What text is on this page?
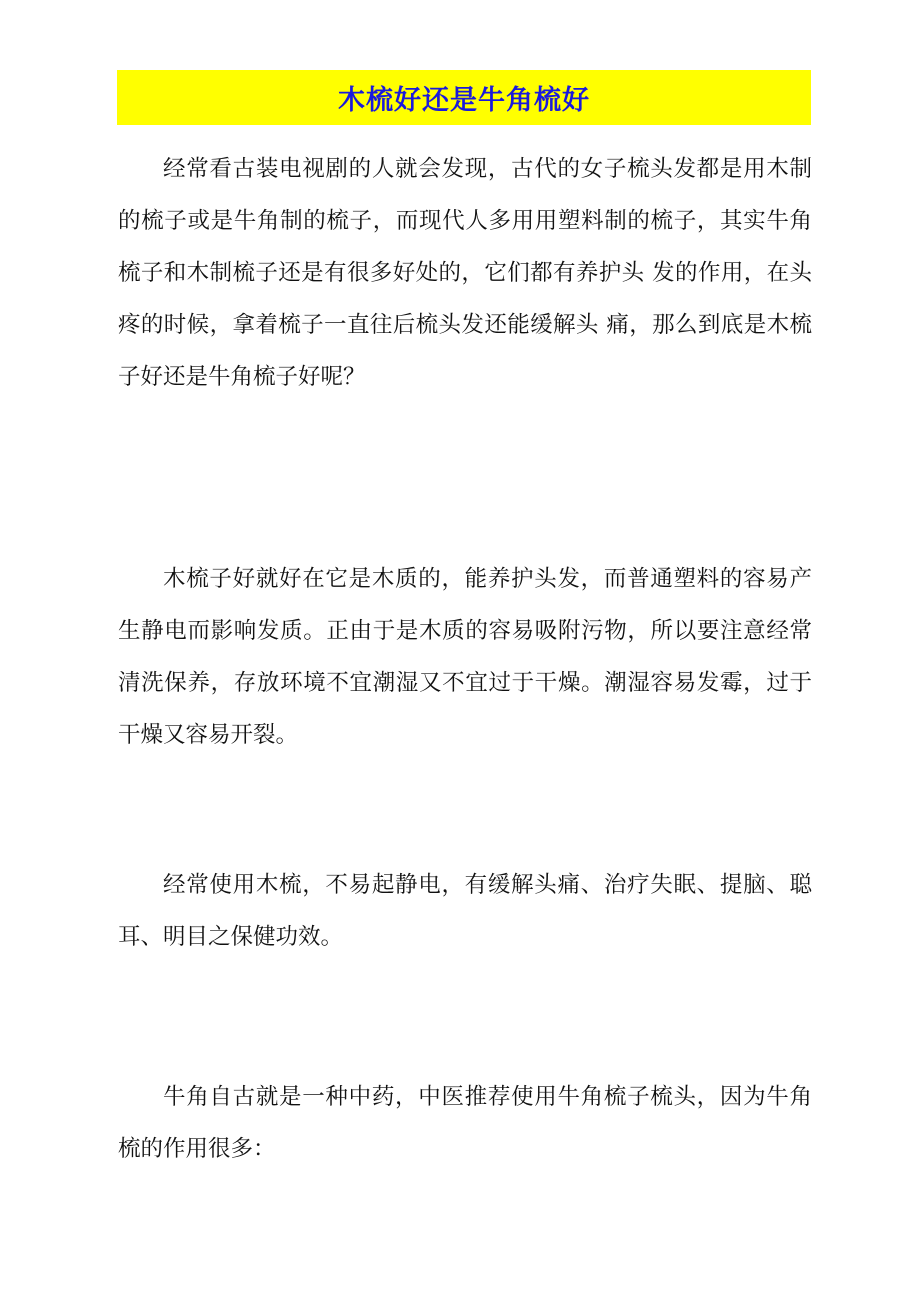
木梳好还是牛角梳好

经常看古装电视剧的人就会发现，古代的女子梳头发都是用木制的梳子或是牛角制的梳子，而现代人多用用塑料制的梳子，其实牛角梳子和木制梳子还是有很多好处的，它们都有养护头 发的作用，在头疼的时候，拿着梳子一直往后梳头发还能缓解头 痛，那么到底是木梳子好还是牛角梳子好呢？

木梳子好就好在它是木质的，能养护头发，而普通塑料的容易产生静电而影响发质。正由于是木质的容易吸附污物，所以要注意经常清洗保养，存放环境不宜潮湿又不宜过于干燥。潮湿容易发霉，过于干燥又容易开裂。

经常使用木梳，不易起静电，有缓解头痛、治疗失眠、提脑、聪耳、明目之保健功效。

牛角自古就是一种中药，中医推荐使用牛角梳子梳头，因为牛角梳的作用很多：
